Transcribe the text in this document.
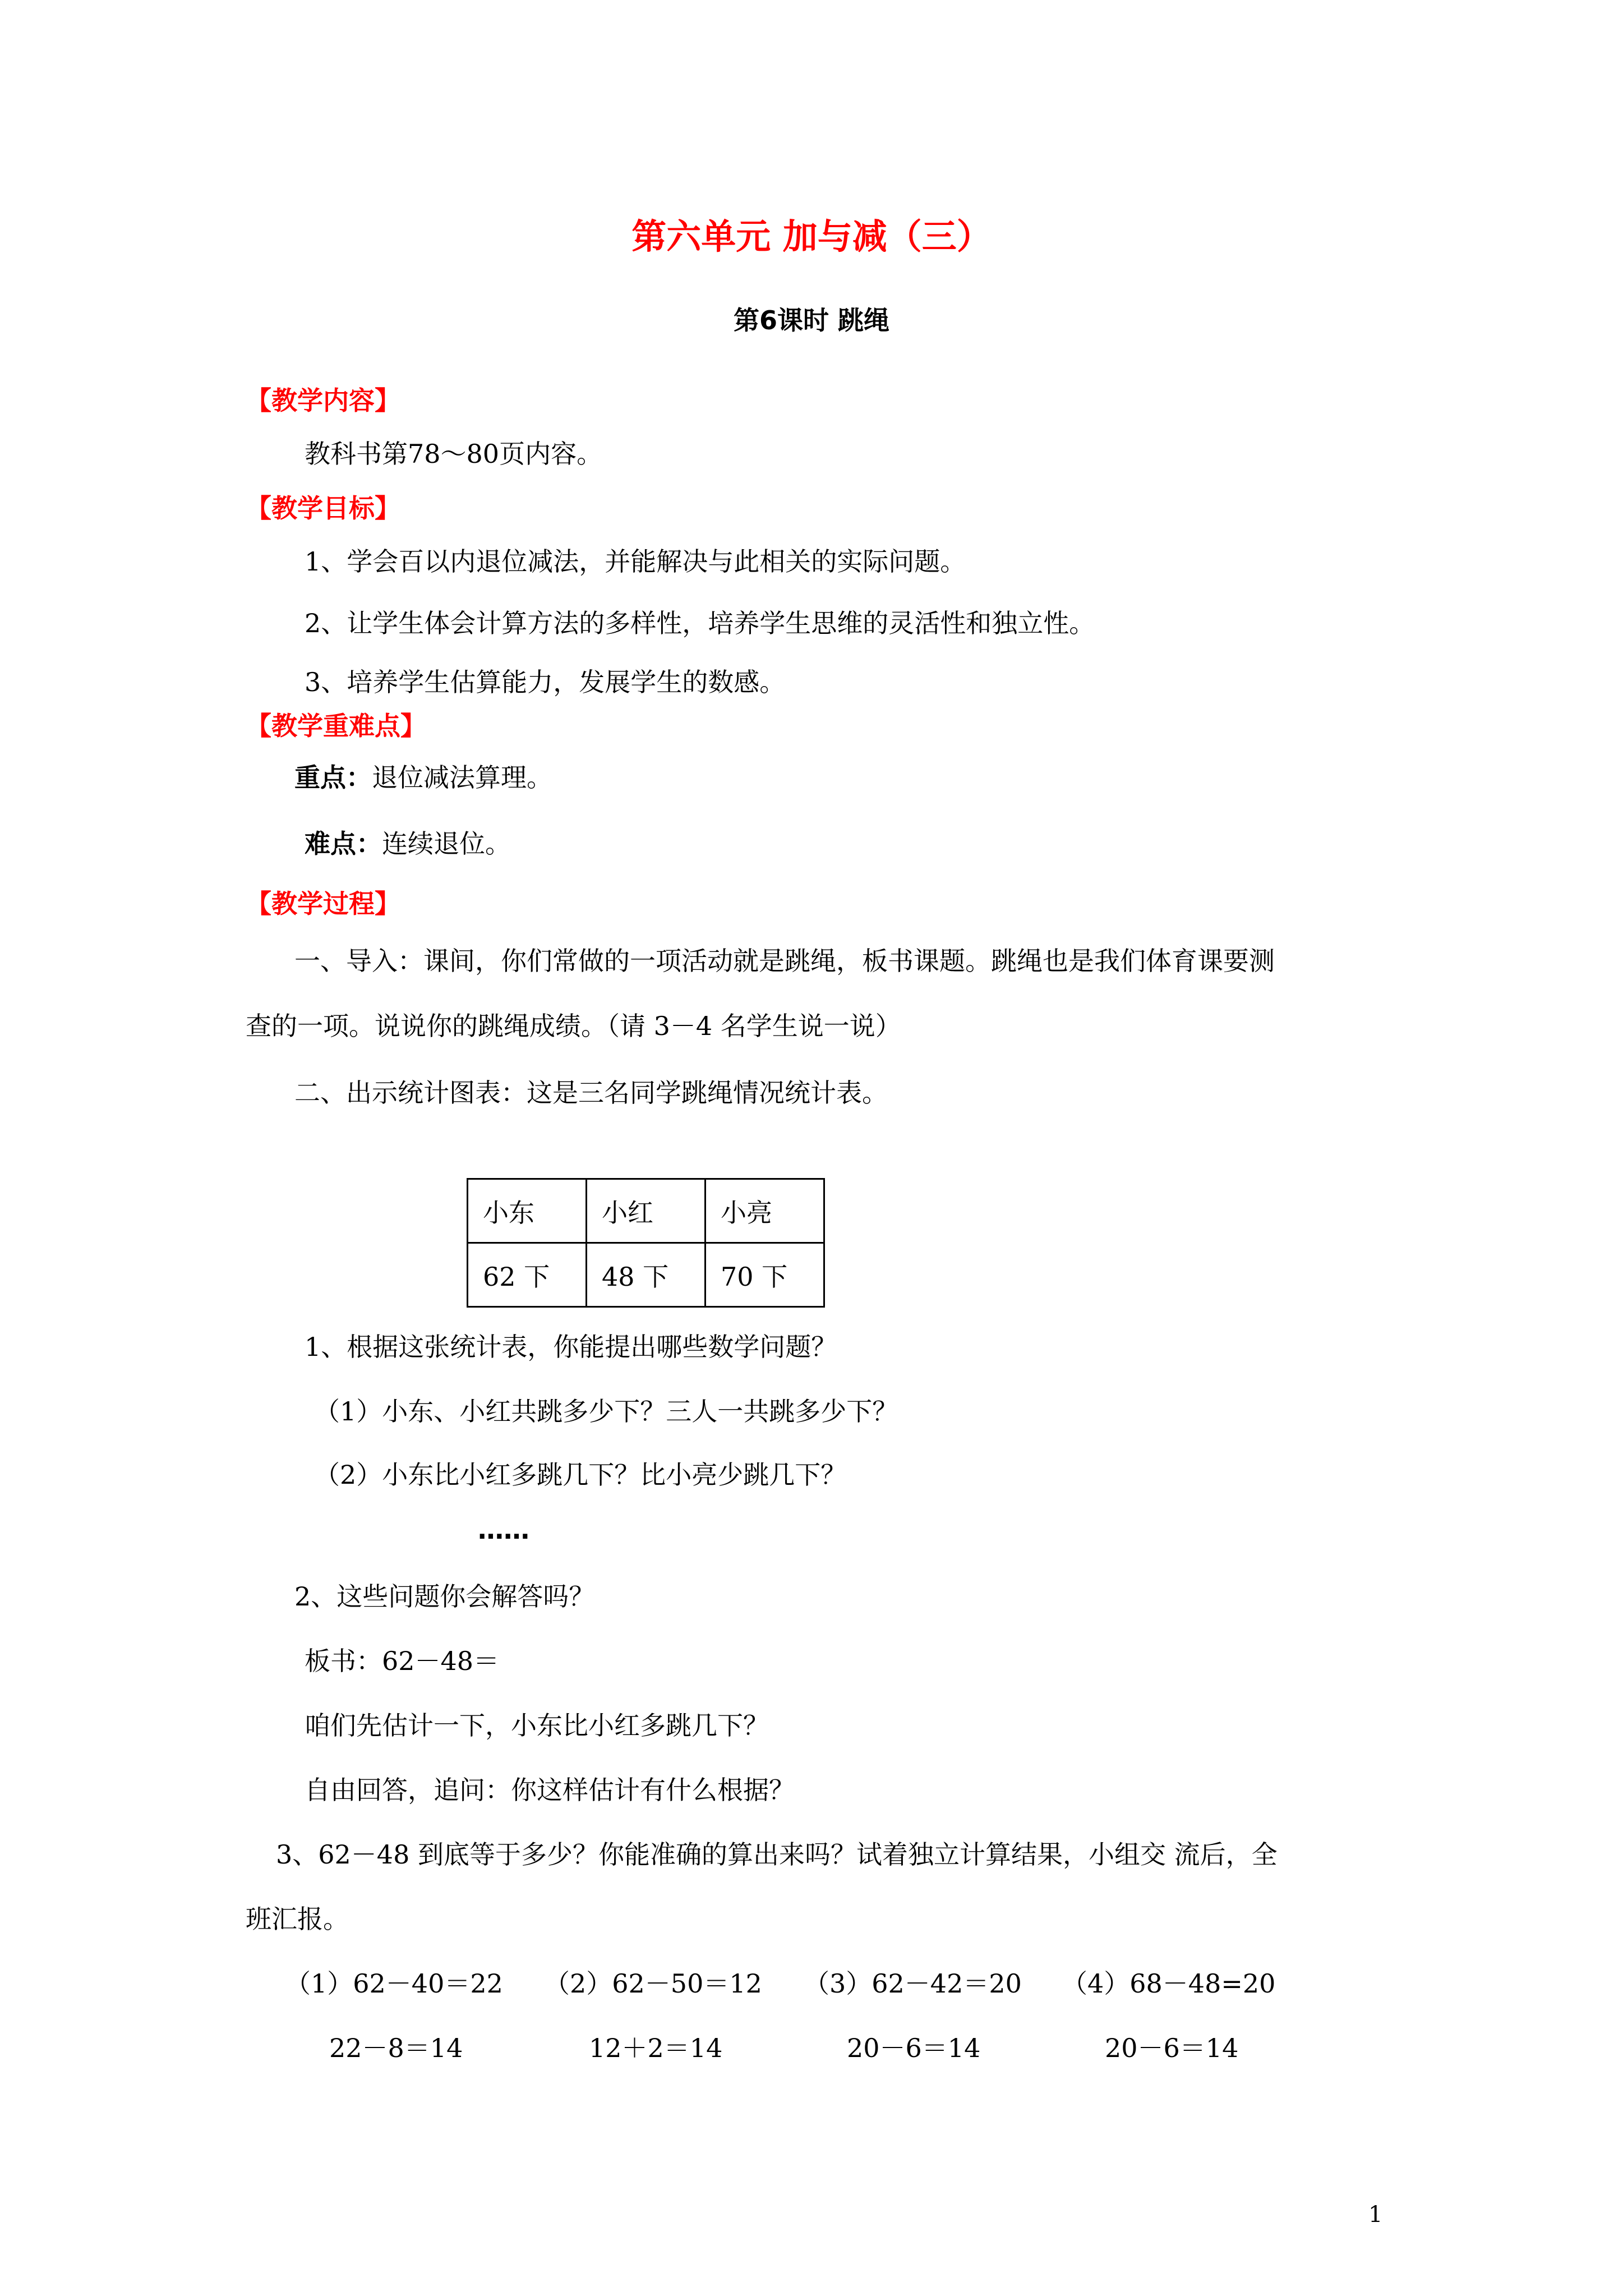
第六单元 加与减（三）
第6课时 跳绳
【教学内容】
教科书第78～80页内容。
【教学目标】
1、学会百以内退位减法，并能解决与此相关的实际问题。
2、让学生体会计算方法的多样性，培养学生思维的灵活性和独立性。
3、培养学生估算能力，发展学生的数感。
【教学重难点】
重点：退位减法算理。
难点：连续退位。
【教学过程】
一、导入：课间，你们常做的一项活动就是跳绳，板书课题。跳绳也是我们体育课要测
查的一项。说说你的跳绳成绩。（请 3－4 名学生说一说）
二、出示统计图表：这是三名同学跳绳情况统计表。
小东	小红	小亮
62 下	48 下	70 下
1、根据这张统计表，你能提出哪些数学问题？
（1）小东、小红共跳多少下？三人一共跳多少下？
（2）小东比小红多跳几下？比小亮少跳几下？
……
2、这些问题你会解答吗？
板书：62－48＝
咱们先估计一下，小东比小红多跳几下？
自由回答，追问：你这样估计有什么根据？
3、62－48 到底等于多少？你能准确的算出来吗？试着独立计算结果，小组交 流后，全
班汇报。
（1）62－40＝22 （2）62－50＝12 （3）62－42＝20 （4）68－48=20
22－8＝14	12＋2＝14	20－6＝14	20－6＝14
1
